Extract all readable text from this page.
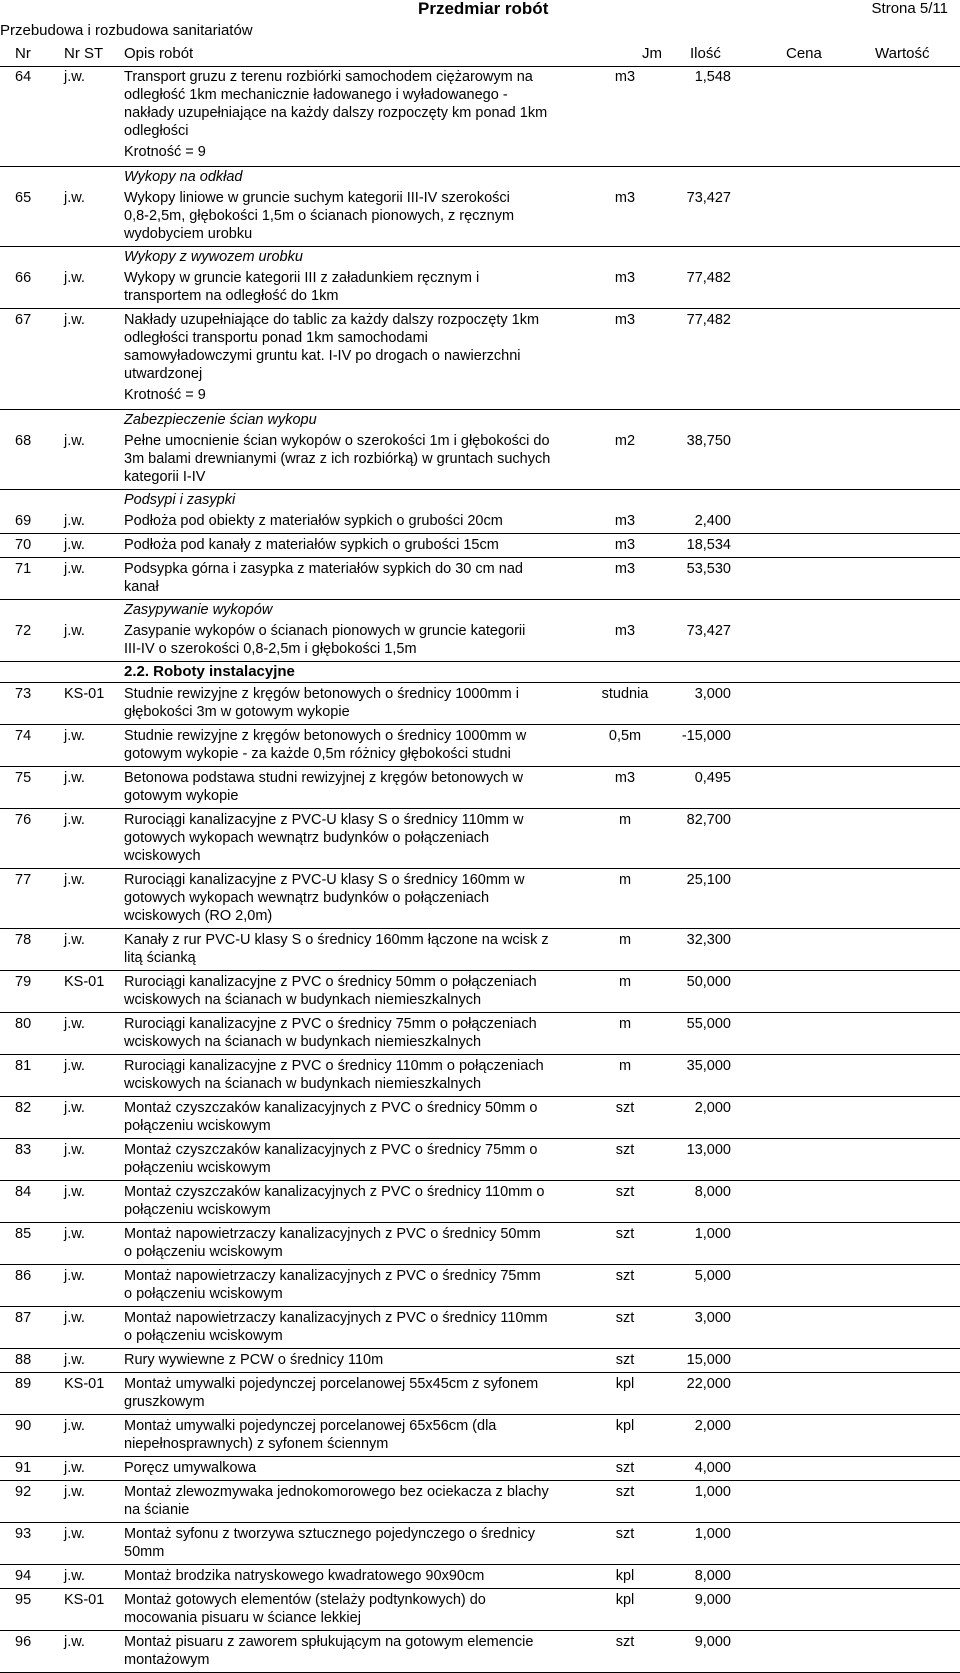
Przebudowa i rozbudowa sanitariatów
Przedmiar robót	Strona 5/11
Nr Nr ST Opis robót	Jm Ilość	Cena	Wartość
64	j.w.	Transport gruzu z terenu rozbiórki samochodem ciężarowym na
odległość 1km mechanicznie ładowanego i wyładowanego -
nakłady uzupełniające na każdy dalszy rozpoczęty km ponad 1km
odległości
Krotność = 9
m3	1,548
Wykopy na odkład
65	j.w.	Wykopy liniowe w gruncie suchym kategorii III-IV szerokości
0,8-2,5m, głębokości 1,5m o ścianach pionowych, z ręcznym
wydobyciem urobku
m3	73,427
Wykopy z wywozem urobku
66	j.w.	Wykopy w gruncie kategorii III z załadunkiem ręcznym i
transportem na odległość do 1km
m3	77,482
67	j.w.	Nakłady uzupełniające do tablic za każdy dalszy rozpoczęty 1km
odległości transportu ponad 1km samochodami
samowyładowczymi gruntu kat. I-IV po drogach o nawierzchni
utwardzonej
Krotność = 9
m3	77,482
Zabezpieczenie ścian wykopu
68	j.w.	Pełne umocnienie ścian wykopów o szerokości 1m i głębokości do
3m balami drewnianymi (wraz z ich rozbiórką) w gruntach suchych
kategorii I-IV
m2	38,750
Podsypi i zasypki
69	j.w.	Podłoża pod obiekty z materiałów sypkich o grubości 20cm	m3	2,400
70	j.w.	Podłoża pod kanały z materiałów sypkich o grubości 15cm	m3	18,534
71	j.w.	Podsypka górna i zasypka z materiałów sypkich do 30 cm nad
kanał
m3	53,530
Zasypywanie wykopów
72	j.w.	Zasypanie wykopów o ścianach pionowych w gruncie kategorii
III-IV o szerokości 0,8-2,5m i głębokości 1,5m
m3	73,427
2.2. Roboty instalacyjne
73	KS-01	Studnie rewizyjne z kręgów betonowych o średnicy 1000mm i
głębokości 3m w gotowym wykopie
studnia	3,000
74	j.w.	Studnie rewizyjne z kręgów betonowych o średnicy 1000mm w
gotowym wykopie - za każde 0,5m różnicy głębokości studni
0,5m	-15,000
75	j.w.	Betonowa podstawa studni rewizyjnej z kręgów betonowych w
gotowym wykopie
m3	0,495
76	j.w.	Rurociągi kanalizacyjne z PVC-U klasy S o średnicy 110mm w
gotowych wykopach wewnątrz budynków o połączeniach
wciskowych
m	82,700
77	j.w.	Rurociągi kanalizacyjne z PVC-U klasy S o średnicy 160mm w
gotowych wykopach wewnątrz budynków o połączeniach
wciskowych (RO 2,0m)
m	25,100
78	j.w.	Kanały z rur PVC-U klasy S o średnicy 160mm łączone na wcisk z
litą ścianką
m	32,300
79	KS-01	Rurociągi kanalizacyjne z PVC o średnicy 50mm o połączeniach
wciskowych na ścianach w budynkach niemieszkalnych
m	50,000
80	j.w.	Rurociągi kanalizacyjne z PVC o średnicy 75mm o połączeniach
wciskowych na ścianach w budynkach niemieszkalnych
m	55,000
81	j.w.	Rurociągi kanalizacyjne z PVC o średnicy 110mm o połączeniach
wciskowych na ścianach w budynkach niemieszkalnych
m	35,000
82	j.w.	Montaż czyszczaków kanalizacyjnych z PVC o średnicy 50mm o
połączeniu wciskowym
szt	2,000
83	j.w.	Montaż czyszczaków kanalizacyjnych z PVC o średnicy 75mm o
połączeniu wciskowym
szt	13,000
84	j.w.	Montaż czyszczaków kanalizacyjnych z PVC o średnicy 110mm o
połączeniu wciskowym
szt	8,000
85	j.w.	Montaż napowietrzaczy kanalizacyjnych z PVC o średnicy 50mm
o połączeniu wciskowym
szt	1,000
86	j.w.	Montaż napowietrzaczy kanalizacyjnych z PVC o średnicy 75mm
o połączeniu wciskowym
szt	5,000
87	j.w.	Montaż napowietrzaczy kanalizacyjnych z PVC o średnicy 110mm
o połączeniu wciskowym
szt	3,000
88	j.w.	Rury wywiewne z PCW o średnicy 110m	szt	15,000
89	KS-01	Montaż umywalki pojedynczej porcelanowej 55x45cm z syfonem
gruszkowym
kpl	22,000
90	j.w.	Montaż umywalki pojedynczej porcelanowej 65x56cm (dla
niepełnosprawnych) z syfonem ściennym
kpl	2,000
91	j.w.	Poręcz umywalkowa	szt	4,000
92	j.w.	Montaż zlewozmywaka jednokomorowego bez ociekacza z blachy
na ścianie
szt	1,000
93	j.w.	Montaż syfonu z tworzywa sztucznego pojedynczego o średnicy
50mm
szt	1,000
94	j.w.	Montaż brodzika natryskowego kwadratowego 90x90cm	kpl	8,000
95	KS-01	Montaż gotowych elementów (stelaży podtynkowych) do
mocowania pisuaru w ściance lekkiej
kpl	9,000
96	j.w.	Montaż pisuaru z zaworem spłukującym na gotowym elemencie
montażowym
szt	9,000
